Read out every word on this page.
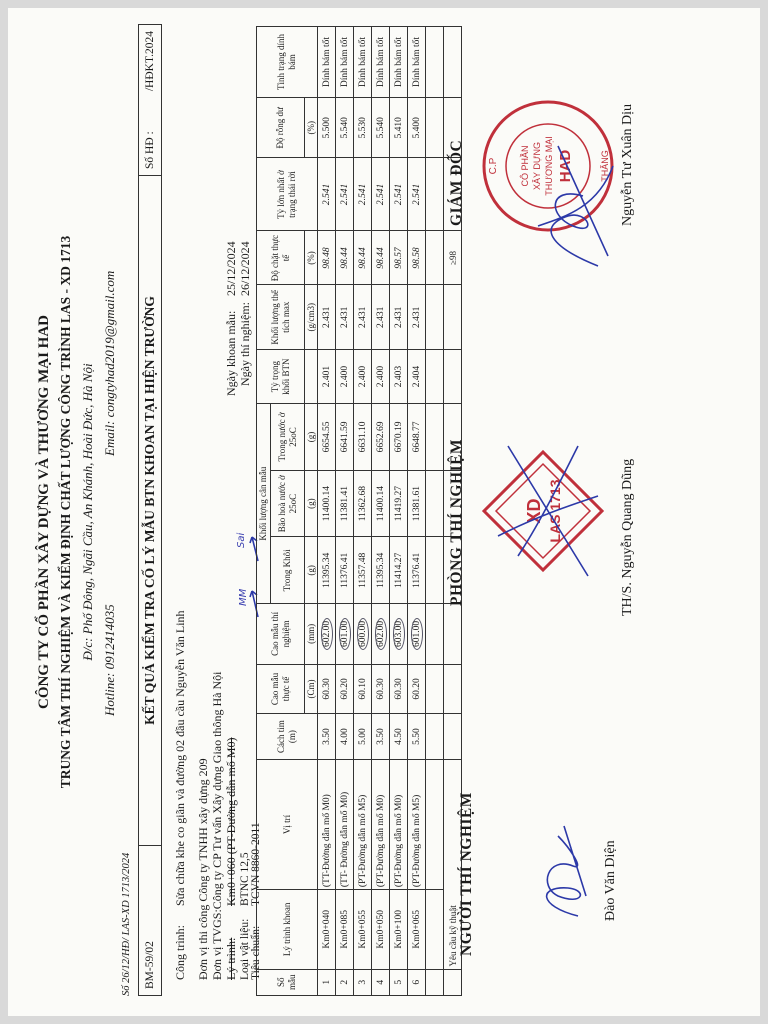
CÔNG TY CỔ PHẦN XÂY DỰNG VÀ THƯƠNG MẠI HAD TRUNG TÂM THÍ NGHIỆM VÀ KIỂM ĐỊNH CHẤT LƯỢNG CÔNG TRÌNH LAS - XD 1713 Đ/c: Phố Đông, Ngãi Cầu, An Khánh, Hoài Đức, Hà Nội Hotline: 0912414035
Email: congtyhad2019@gmail.com
BM-59/02
KẾT QUẢ KIỂM TRA CỐ LÝ MẪU BTN KHOAN TẠI HIỆN TRƯỜNG
Số HĐ :
/HĐKT.2024
Số 26/12/HĐ/ LAS-XD 1713/2024	Công trình:
Sửa chữa khe co giãn và đường 02 đầu cầu Nguyễn Văn Linh Đơn vị thi công Công ty TNHH xây dựng 209 Đơn vị TVGS:Công ty CP Tư vấn Xây dựng Giao thông Hà Nội Lý trình:
Km0+060 (PT-Đường dẫn mố M0)
Loại vật liệu:
BTNC 12,5
Tiêu chuẩn:
TCVN 8860-2011
Ngày khoan mẫu:
25/12/2024
Ngày thí nghiệm:
26/12/2024
MM
Sai
Số mẫu	Lý trình khoan	Vị trí	Cách tim (m)	Cao mẫu thực tế	Cao mẫu thí nghiệm	Khối lượng cân mẫu			Tỷ trọng khối BTN	Khối lượng thể tích max	Độ chặt thực tế	Tỷ lớn nhất ở trạng thái rời	Độ rỗng dư	Tình trạng dính bám
						Trong Khôi	Bão hoà nước ở 25oC	Trong nước ở 25oC						
				(Cm)	(mm)	(g)	(g)	(g)		(g/cm3)	(%)		(%)	
1	Km0+040	(TT-Đường dẫn mố M0)	3.50	60.30	602.00	11395.34	11400.14	6654.55	2.401	2.431	98.48	2.541	5.500	Dính bám tốt
2	Km0+085	(TT- Đường dẫn mố M0)	4.00	60.20	601.00	11376.41	11381.41	6641.59	2.400	2.431	98.44	2.541	5.540	Dính bám tốt
3	Km0+055	(PT-Đường dẫn mố M5)	5.00	60.10	600.00	11357.48	11362.68	6631.10	2.400	2.431	98.44	2.541	5.530	Dính bám tốt
4	Km0+050	(PT-Đường dẫn mố M0)	3.50	60.30	602.00	11395.34	11400.14	6652.69	2.400	2.431	98.44	2.541	5.540	Dính bám tốt
5	Km0+100	(PT-Đường dẫn mố M0)	4.50	60.30	603.00	11414.27	11419.27	6670.19	2.403	2.431	98.57	2.541	5.410	Dính bám tốt
6	Km0+065	(PT-Đường dẫn mố M5)	5.50	60.20	601.00	11376.41	11381.61	6648.77	2.404	2.431	98.58	2.541	5.400	Dính bám tốt

	Yêu cầu kỹ thuật										≥98			
NGƯỜI THÍ NGHIỆM
PHÒNG THÍ NGHIỆM
GIÁM ĐỐC
Đào Văn Diện
XD LAS 1713	TH/S. Nguyễn Quang Dũng
C.P	THĂNG
CÔ PHẦN XÂY DỰNG THƯƠNG MẠI HAD	Nguyễn Tư Xuân Dịu
